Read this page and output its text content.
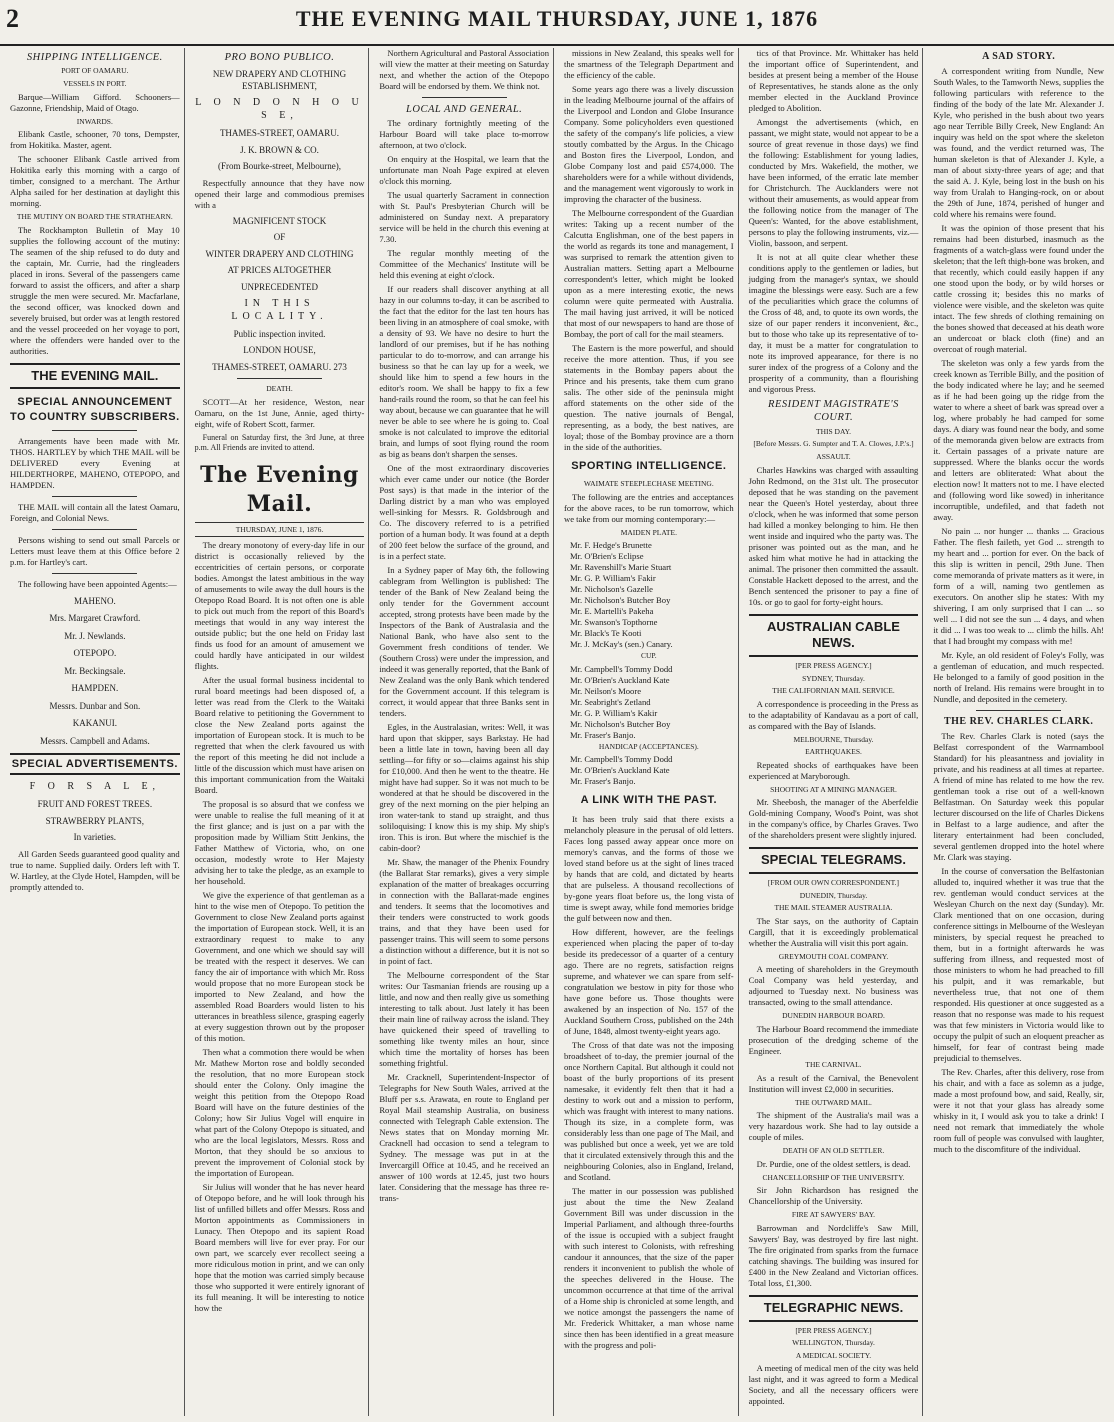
2	THE EVENING MAIL THURSDAY, JUNE 1, 1876
SHIPPING INTELLIGENCE.
PORT OF OAMARU.
VESSELS IN PORT.

Barque—William Gifford. Schooners—Gazonne, Friendship, Maid of Otago.

INWARDS.

Elibank Castle, schooner, 70 tons, Dempster, from Hokitika. Master, agent.

The schooner Elibank Castle arrived from Hokitika early this morning with a cargo of timber, consigned to a merchant. The Arthur Alpha sailed for her destination at daylight this morning.

THE MUTINY ON BOARD THE STRATHEARN.

The Rockhampton Bulletin of May 10 supplies the following account of the mutiny: The seamen of the ship refused to do duty and the captain, Mr. Currie, had the ringleaders placed in irons. Several of the passengers came forward to assist the officers, and after a sharp struggle the men were secured. Mr. Macfarlane, the second officer, was knocked down and severely bruised, but order was at length restored and the vessel proceeded on her voyage to port, where the offenders were handed over to the authorities.

THE EVENING MAIL.
SPECIAL ANNOUNCEMENT TO COUNTRY SUBSCRIBERS.

Arrangements have been made with Mr. THOS. HARTLEY by which THE MAIL will be DELIVERED every Evening at HILDERTHORPE, MAHENO, OTEPOPO, and HAMPDEN.

THE MAIL will contain all the latest Oamaru, Foreign, and Colonial News.

Persons wishing to send out small Parcels or Letters must leave them at this Office before 2 p.m. for Hartley's cart.

The following have been appointed Agents:—

MAHENO.
Mrs. Margaret Crawford.
Mr. J. Newlands.
OTEPOPO.
Mr. Beckingsale.
HAMPDEN.
Messrs. Dunbar and Son.
KAKANUI.
Messrs. Campbell and Adams.
SPECIAL ADVERTISEMENTS.
F O R S A L E,
FRUIT AND FOREST TREES.
STRAWBERRY PLANTS,
In varieties.

All Garden Seeds guaranteed good quality and true to name. Supplied daily. Orders left with T. W. Hartley, at the Clyde Hotel, Hampden, will be promptly attended to.

PRO BONO PUBLICO.
NEW DRAPERY AND CLOTHING ESTABLISHMENT,
L O N D O N H O U S E,
THAMES-STREET, OAMARU.
J. K. BROWN & CO.
(From Bourke-street, Melbourne),

Respectfully announce that they have now opened their large and commodious premises with a

MAGNIFICENT STOCK
OF
WINTER DRAPERY AND CLOTHING
AT PRICES ALTOGETHER
UNPRECEDENTED
IN THIS LOCALITY.
Public inspection invited.
LONDON HOUSE,
THAMES-STREET, OAMARU. 273
DEATH.

SCOTT—At her residence, Weston, near Oamaru, on the 1st June, Annie, aged thirty-eight, wife of Robert Scott, farmer.

Funeral on Saturday first, the 3rd June, at three p.m. All Friends are invited to attend.

The Evening Mail.
THURSDAY, JUNE 1, 1876.

The dreary monotony of every-day life in our district is occasionally relieved by the eccentricities of certain persons, or corporate bodies. Amongst the latest ambitious in the way of amusements to wile away the dull hours is the Otepopo Road Board. It is not often one is able to pick out much from the report of this Board's meetings that would in any way interest the outside public; but the one held on Friday last finds us food for an amount of amusement we could hardly have anticipated in our wildest flights.

After the usual formal business incidental to rural board meetings had been disposed of, a letter was read from the Clerk to the Waitaki Board relative to petitioning the Government to close the New Zealand ports against the importation of European stock. It is much to be regretted that when the clerk favoured us with the report of this meeting he did not include a little of the discussion which must have arisen on this important communication from the Waitaki Board.

The proposal is so absurd that we confess we were unable to realise the full meaning of it at the first glance; and is just on a par with the proposition made by William Stitt Jenkins, the Father Matthew of Victoria, who, on one occasion, modestly wrote to Her Majesty advising her to take the pledge, as an example to her household.

We give the experience of that gentleman as a hint to the wise men of Otepopo. To petition the Government to close New Zealand ports against the importation of European stock. Well, it is an extraordinary request to make to any Government, and one which we should say will be treated with the respect it deserves. We can fancy the air of importance with which Mr. Ross would propose that no more European stock be imported to New Zealand, and how the assembled Road Boarders would listen to his utterances in breathless silence, grasping eagerly at every suggestion thrown out by the proposer of this motion.

Then what a commotion there would be when Mr. Mathew Morton rose and boldly seconded the resolution, that no more European stock should enter the Colony. Only imagine the weight this petition from the Otepopo Road Board will have on the future destinies of the Colony; how Sir Julius Vogel will enquire in what part of the Colony Otepopo is situated, and who are the local legislators, Messrs. Ross and Morton, that they should be so anxious to prevent the improvement of Colonial stock by the importation of European.

Sir Julius will wonder that he has never heard of Otepopo before, and he will look through his list of unfilled billets and offer Messrs. Ross and Morton appointments as Commissioners in Lunacy. Then Otepopo and its sapient Road Board members will live for ever pray. For our own part, we scarcely ever recollect seeing a more ridiculous motion in print, and we can only hope that the motion was carried simply because those who supported it were entirely ignorant of its full meaning. It will be interesting to notice how the

Northern Agricultural and Pastoral Association will view the matter at their meeting on Saturday next, and whether the action of the Otepopo Board will be endorsed by them. We think not.

LOCAL AND GENERAL.

The ordinary fortnightly meeting of the Harbour Board will take place to-morrow afternoon, at two o'clock.

On enquiry at the Hospital, we learn that the unfortunate man Noah Page expired at eleven o'clock this morning.

The usual quarterly Sacrament in connection with St. Paul's Presbyterian Church will be administered on Sunday next. A preparatory service will be held in the church this evening at 7.30.

The regular monthly meeting of the Committee of the Mechanics' Institute will be held this evening at eight o'clock.

If our readers shall discover anything at all hazy in our columns to-day, it can be ascribed to the fact that the editor for the last ten hours has been living in an atmosphere of coal smoke, with a density of 93. We have no desire to hurt the landlord of our premises, but if he has nothing particular to do to-morrow, and can arrange his business so that he can lay up for a week, we should like him to spend a few hours in the editor's room. We shall be happy to fix a few hand-rails round the room, so that he can feel his way about, because we can guarantee that he will never be able to see where he is going to. Coal smoke is not calculated to improve the editorial brain, and lumps of soot flying round the room as big as beans don't sharpen the senses.

One of the most extraordinary discoveries which ever came under our notice (the Border Post says) is that made in the interior of the Darling district by a man who was employed well-sinking for Messrs. R. Goldsbrough and Co. The discovery referred to is a petrified portion of a human body. It was found at a depth of 200 feet below the surface of the ground, and is in a perfect state.

In a Sydney paper of May 6th, the following cablegram from Wellington is published: The tender of the Bank of New Zealand being the only tender for the Government account accepted, strong protests have been made by the Inspectors of the Bank of Australasia and the National Bank, who have also sent to the Government fresh conditions of tender. We (Southern Cross) were under the impression, and indeed it was generally reported, that the Bank of New Zealand was the only Bank which tendered for the Government account. If this telegram is correct, it would appear that three Banks sent in tenders.

Egles, in the Australasian, writes: Well, it was hard upon that skipper, says Barkstay. He had been a little late in town, having been all day settling—for fifty or so—claims against his ship for £10,000. And then he went to the theatre. He might have had supper. So it was not much to be wondered at that he should be discovered in the grey of the next morning on the pier helping an iron water-tank to stand up straight, and thus soliloquising: I know this is my ship. My ship's iron. This is iron. But where the mischief is the cabin-door?

Mr. Shaw, the manager of the Phenix Foundry (the Ballarat Star remarks), gives a very simple explanation of the matter of breakages occurring in connection with the Ballarat-made engines and tenders. It seems that the locomotives and their tenders were constructed to work goods trains, and that they have been used for passenger trains. This will seem to some persons a distinction without a difference, but it is not so in point of fact.

The Melbourne correspondent of the Star writes: Our Tasmanian friends are rousing up a little, and now and then really give us something interesting to talk about. Just lately it has been their main line of railway across the island. They have quickened their speed of travelling to something like twenty miles an hour, since which time the mortality of horses has been something frightful.

Mr. Cracknell, Superintendent-Inspector of Telegraphs for New South Wales, arrived at the Bluff per s.s. Arawata, en route to England per Royal Mail steamship Australia, on business connected with Telegraph Cable extension. The News states that on Monday morning Mr. Cracknell had occasion to send a telegram to Sydney. The message was put in at the Invercargill Office at 10.45, and he received an answer of 100 words at 12.45, just two hours later. Considering that the message has three re-trans-

missions in New Zealand, this speaks well for the smartness of the Telegraph Department and the efficiency of the cable.

Some years ago there was a lively discussion in the leading Melbourne journal of the affairs of the Liverpool and London and Globe Insurance Company. Some policyholders even questioned the safety of the company's life policies, a view stoutly combatted by the Argus. In the Chicago and Boston fires the Liverpool, London, and Globe Company lost and paid £574,000. The shareholders were for a while without dividends, and the management went vigorously to work in improving the character of the business.

The Melbourne correspondent of the Guardian writes: Taking up a recent number of the Calcutta Englishman, one of the best papers in the world as regards its tone and management, I was surprised to remark the attention given to Australian matters. Setting apart a Melbourne correspondent's letter, which might be looked upon as a mere interesting exotic, the news column were quite permeated with Australia. The mail having just arrived, it will be noticed that most of our newspapers to hand are those of Bombay, the port of call for the mail steamers.

The Eastern is the more powerful, and should receive the more attention. Thus, if you see statements in the Bombay papers about the Prince and his presents, take them cum grano salis. The other side of the peninsula might afford statements on the other side of the question. The native journals of Bengal, representing, as a body, the best natives, are loyal; those of the Bombay province are a thorn in the side of the authorities.

SPORTING INTELLIGENCE.
WAIMATE STEEPLECHASE MEETING.

The following are the entries and acceptances for the above races, to be run tomorrow, which we take from our morning contemporary:—

MAIDEN PLATE.
Mr. F. Hedge's Brunette
Mr. O'Brien's Eclipse
Mr. Ravenshill's Marie Stuart
Mr. G. P. William's Fakir
Mr. Nicholson's Gazelle
Mr. Nicholson's Butcher Boy
Mr. E. Martelli's Pakeha
Mr. Swanson's Topthorne
Mr. Black's Te Kooti
Mr. J. McKay's (sen.) Canary.
CUP.
Mr. Campbell's Tommy Dodd
Mr. O'Brien's Auckland Kate
Mr. Neilson's Moore
Mr. Seabright's Zetland
Mr. G. P. William's Kakir
Mr. Nicholson's Butcher Boy
Mr. Fraser's Banjo.
HANDICAP (ACCEPTANCES).
Mr. Campbell's Tommy Dodd
Mr. O'Brien's Auckland Kate
Mr. Fraser's Banjo.
A LINK WITH THE PAST.

It has been truly said that there exists a melancholy pleasure in the perusal of old letters. Faces long passed away appear once more on memory's canvas, and the forms of those we loved stand before us at the sight of lines traced by hands that are cold, and dictated by hearts that are pulseless. A thousand recollections of by-gone years float before us, the long vista of time is swept away, while fond memories bridge the gulf between now and then.

How different, however, are the feelings experienced when placing the paper of to-day beside its predecessor of a quarter of a century ago. There are no regrets, satisfaction reigns supreme, and whatever we can spare from self-congratulation we bestow in pity for those who have gone before us. Those thoughts were awakened by an inspection of No. 157 of the Auckland Southern Cross, published on the 24th of June, 1848, almost twenty-eight years ago.

The Cross of that date was not the imposing broadsheet of to-day, the premier journal of the once Northern Capital. But although it could not boast of the burly proportions of its present namesake, it evidently felt then that it had a destiny to work out and a mission to perform, which was fraught with interest to many nations. Though its size, in a complete form, was considerably less than one page of The Mail, and was published but once a week, yet we are told that it circulated extensively through this and the neighbouring Colonies, also in England, Ireland, and Scotland.

The matter in our possession was published just about the time the New Zealand Government Bill was under discussion in the Imperial Parliament, and although three-fourths of the issue is occupied with a subject fraught with such interest to Colonists, with refreshing candour it announces, that the size of the paper renders it inconvenient to publish the whole of the speeches delivered in the House. The uncommon occurrence at that time of the arrival of a Home ship is chronicled at some length, and we notice amongst the passengers the name of Mr. Frederick Whittaker, a man whose name since then has been identified in a great measure with the progress and poli-

tics of that Province. Mr. Whittaker has held the important office of Superintendent, and besides at present being a member of the House of Representatives, he stands alone as the only member elected in the Auckland Province pledged to Abolition.

Amongst the advertisements (which, en passant, we might state, would not appear to be a source of great revenue in those days) we find the following: Establishment for young ladies, conducted by Mrs. Wakefield, the mother, we have been informed, of the erratic late member for Christchurch. The Aucklanders were not without their amusements, as would appear from the following notice from the manager of The Queen's: Wanted, for the above establishment, persons to play the following instruments, viz.—Violin, bassoon, and serpent.

It is not at all quite clear whether these conditions apply to the gentlemen or ladies, but judging from the manager's syntax, we should imagine the blessings were easy. Such are a few of the peculiarities which grace the columns of the Cross of 48, and, to quote its own words, the size of our paper renders it inconvenient, &c., but to those who take up its representative of to-day, it must be a matter for congratulation to note its improved appearance, for there is no surer index of the progress of a Colony and the prosperity of a community, than a flourishing and vigorous Press.

RESIDENT MAGISTRATE'S COURT.
THIS DAY.
[Before Messrs. G. Sumpter and T. A. Clowes, J.P.'s.]
ASSAULT.

Charles Hawkins was charged with assaulting John Redmond, on the 31st ult. The prosecutor deposed that he was standing on the pavement near the Queen's Hotel yesterday, about three o'clock, when he was informed that some person had killed a monkey belonging to him. He then went inside and inquired who the party was. The prisoner was pointed out as the man, and he asked him what motive he had in attacking the animal. The prisoner then committed the assault. Constable Hackett deposed to the arrest, and the Bench sentenced the prisoner to pay a fine of 10s. or go to gaol for forty-eight hours.

AUSTRALIAN CABLE NEWS.
[PER PRESS AGENCY.]
SYDNEY, Thursday.
THE CALIFORNIAN MAIL SERVICE.

A correspondence is proceeding in the Press as to the adaptability of Kandavau as a port of call, as compared with the Bay of Islands.

MELBOURNE, Thursday.
EARTHQUAKES.

Repeated shocks of earthquakes have been experienced at Maryborough.

SHOOTING AT A MINING MANAGER.

Mr. Sheebosh, the manager of the Aberfeldie Gold-mining Company, Wood's Point, was shot in the company's office, by Charles Graves. Two of the shareholders present were slightly injured.

SPECIAL TELEGRAMS.
[FROM OUR OWN CORRESPONDENT.]
DUNEDIN, Thursday.
THE MAIL STEAMER AUSTRALIA.

The Star says, on the authority of Captain Cargill, that it is exceedingly problematical whether the Australia will visit this port again.

GREYMOUTH COAL COMPANY.

A meeting of shareholders in the Greymouth Coal Company was held yesterday, and adjourned to Tuesday next. No business was transacted, owing to the small attendance.

DUNEDIN HARBOUR BOARD.

The Harbour Board recommend the immediate prosecution of the dredging scheme of the Engineer.

THE CARNIVAL.

As a result of the Carnival, the Benevolent Institution will invest £2,000 in securities.

THE OUTWARD MAIL.

The shipment of the Australia's mail was a very hazardous work. She had to lay outside a couple of miles.

DEATH OF AN OLD SETTLER.

Dr. Purdie, one of the oldest settlers, is dead.

CHANCELLORSHIP OF THE UNIVERSITY.

Sir John Richardson has resigned the Chancellorship of the University.

FIRE AT SAWYERS' BAY.

Barrowman and Nordcliffe's Saw Mill, Sawyers' Bay, was destroyed by fire last night. The fire originated from sparks from the furnace catching shavings. The building was insured for £400 in the New Zealand and Victorian offices. Total loss, £1,300.

TELEGRAPHIC NEWS.
[PER PRESS AGENCY.]
WELLINGTON, Thursday.
A MEDICAL SOCIETY.

A meeting of medical men of the city was held last night, and it was agreed to form a Medical Society, and all the necessary officers were appointed.

A SAD STORY.

A correspondent writing from Nundle, New South Wales, to the Tamworth News, supplies the following particulars with reference to the finding of the body of the late Mr. Alexander J. Kyle, who perished in the bush about two years ago near Terrible Billy Creek, New England: An inquiry was held on the spot where the skeleton was found, and the verdict returned was, The human skeleton is that of Alexander J. Kyle, a man of about sixty-three years of age; and that the said A. J. Kyle, being lost in the bush on his way from Uralah to Hanging-rock, on or about the 29th of June, 1874, perished of hunger and cold where his remains were found.

It was the opinion of those present that his remains had been disturbed, inasmuch as the fragments of a watch-glass were found under the skeleton; that the left thigh-bone was broken, and that recently, which could easily happen if any one stood upon the body, or by wild horses or cattle crossing it; besides this no marks of violence were visible, and the skeleton was quite intact. The few shreds of clothing remaining on the bones showed that deceased at his death wore an undercoat or black cloth (fine) and an overcoat of rough material.

The skeleton was only a few yards from the creek known as Terrible Billy, and the position of the body indicated where he lay; and he seemed as if he had been going up the ridge from the water to where a sheet of bark was spread over a log, where probably he had camped for some days. A diary was found near the body, and some of the memoranda given below are extracts from it. Certain passages of a private nature are suppressed. Where the blanks occur the words and letters are obliterated: What about the election now! It matters not to me. I have elected and (following word like sowed) in inheritance incorruptible, undefiled, and that fadeth not away.

No pain ... nor hunger ... thanks ... Gracious Father. The flesh faileth, yet God ... strength to my heart and ... portion for ever. On the back of this slip is written in pencil, 29th June. Then come memoranda of private matters as it were, in form of a will, naming two gentlemen as executors. On another slip he states: With my shivering, I am only surprised that I can ... so well ... I did not see the sun ... 4 days, and when it did ... I was too weak to ... climb the hills. Ah! that I had brought my compass with me!

Mr. Kyle, an old resident of Foley's Folly, was a gentleman of education, and much respected. He belonged to a family of good position in the north of Ireland. His remains were brought in to Nundle, and deposited in the cemetery.

THE REV. CHARLES CLARK.

The Rev. Charles Clark is noted (says the Belfast correspondent of the Warrnambool Standard) for his pleasantness and joviality in private, and his readiness at all times at repartee. A friend of mine has related to me how the rev. gentleman took a rise out of a well-known Belfastman. On Saturday week this popular lecturer discoursed on the life of Charles Dickens in Belfast to a large audience, and after the literary entertainment had been concluded, several gentlemen dropped into the hotel where Mr. Clark was staying.

In the course of conversation the Belfastonian alluded to, inquired whether it was true that the rev. gentleman would conduct services at the Wesleyan Church on the next day (Sunday). Mr. Clark mentioned that on one occasion, during conference sittings in Melbourne of the Wesleyan ministers, by special request he preached to them, but in a fortnight afterwards he was suffering from illness, and requested most of those ministers to whom he had preached to fill his pulpit, and it was remarkable, but nevertheless true, that not one of them responded. His questioner at once suggested as a reason that no response was made to his request was that few ministers in Victoria would like to occupy the pulpit of such an eloquent preacher as himself, for fear of contrast being made prejudicial to themselves.

The Rev. Charles, after this delivery, rose from his chair, and with a face as solemn as a judge, made a most profound bow, and said, Really, sir, were it not that your glass has already some whisky in it, I would ask you to take a drink! I need not remark that immediately the whole room full of people was convulsed with laughter, much to the discomfiture of the individual.
